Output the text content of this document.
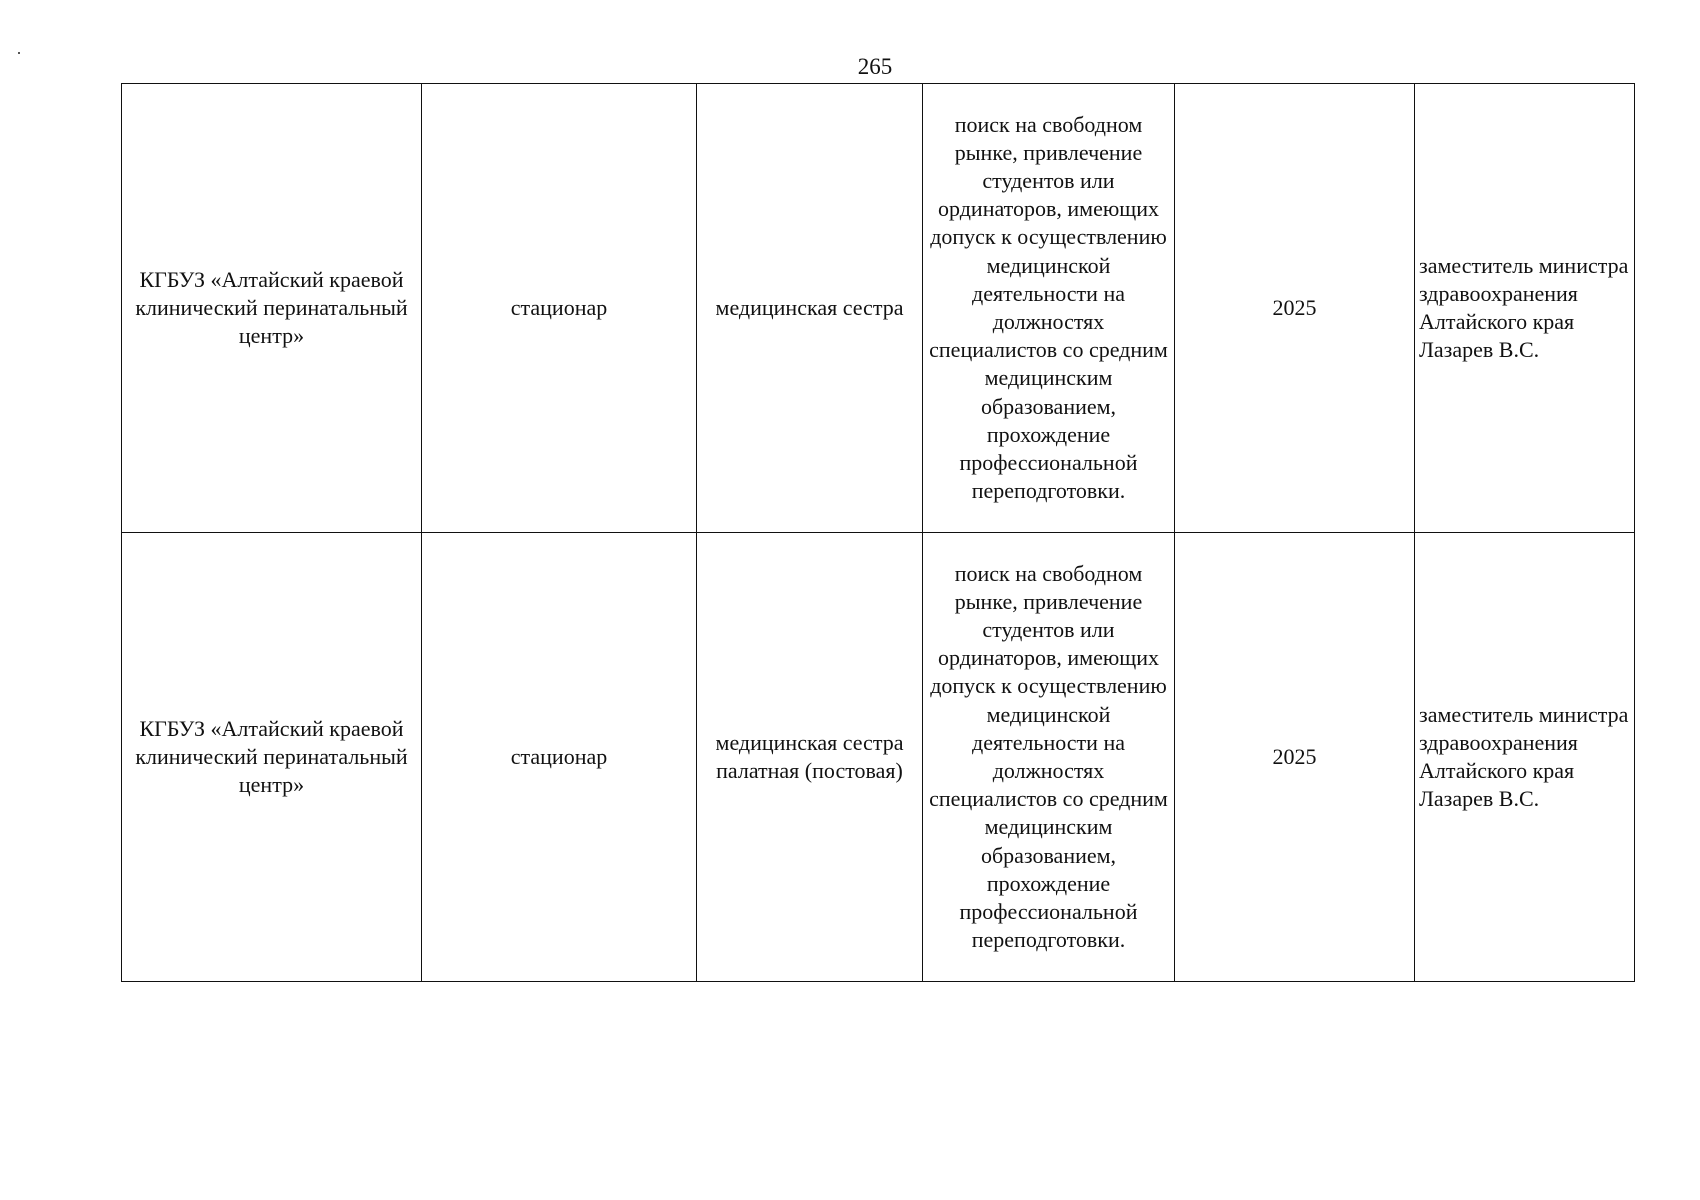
265
КГБУЗ «Алтайский краевой клинический перинатальный центр»	стационар	медицинская сестра	поиск на свободном рынке, привлечение студентов или ординаторов, имеющих допуск к осуществлению медицинской деятельности на должностях специалистов со средним медицинским образованием, прохождение профессиональной переподготовки.	2025	заместитель министра здравоохранения Алтайского края Лазарев В.С.
КГБУЗ «Алтайский краевой клинический перинатальный центр»	стационар	медицинская сестра палатная (постовая)	поиск на свободном рынке, привлечение студентов или ординаторов, имеющих допуск к осуществлению медицинской деятельности на должностях специалистов со средним медицинским образованием, прохождение профессиональной переподготовки.	2025	заместитель министра здравоохранения Алтайского края Лазарев В.С.
